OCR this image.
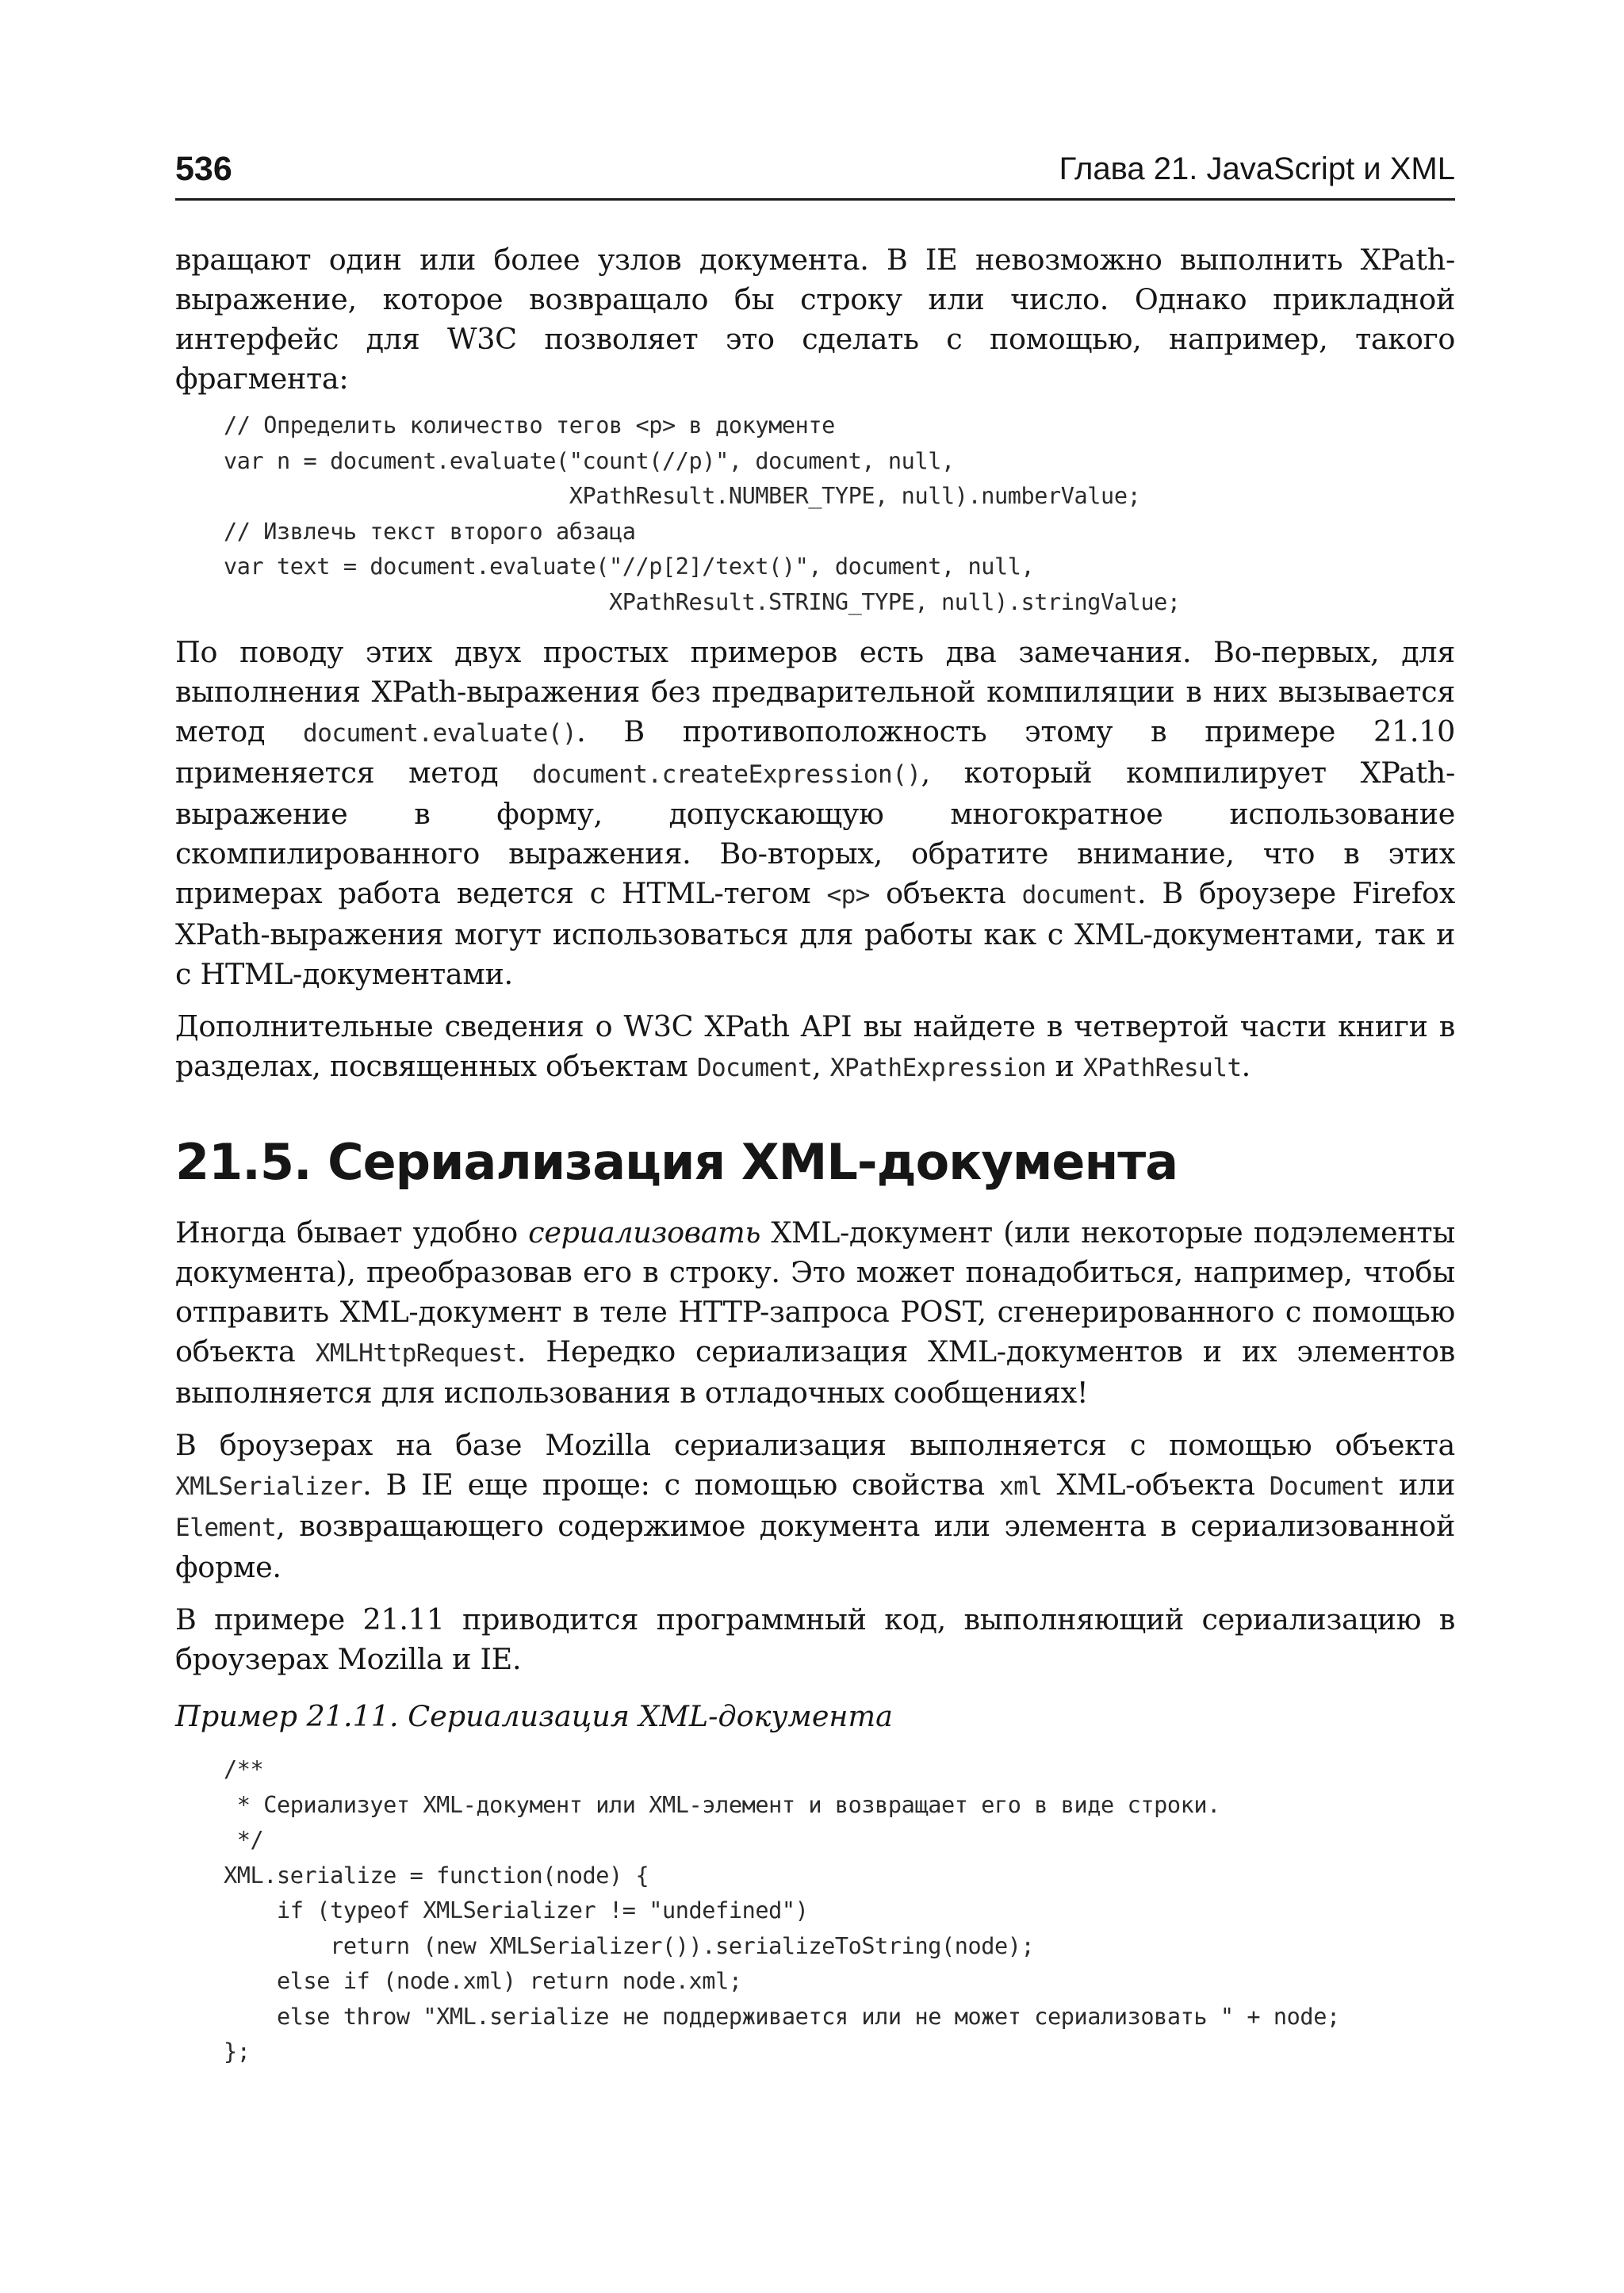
536	Глава 21. JavaScript и XML

вращают один или более узлов документа. В IE невозможно выполнить XPath-выражение, которое возвращало бы строку или число. Однако прикладной интерфейс для W3C позволяет это сделать с помощью, например, такого фрагмента:

// Определить количество тегов <p> в документе
var n = document.evaluate("count(//p)", document, null,
XPathResult.NUMBER_TYPE, null).numberValue;
// Извлечь текст второго абзаца
var text = document.evaluate("//p[2]/text()", document, null,
XPathResult.STRING_TYPE, null).stringValue;

По поводу этих двух простых примеров есть два замечания. Во-первых, для выполнения XPath-выражения без предварительной компиляции в них вызывается метод document.evaluate(). В противоположность этому в примере 21.10 применяется метод document.createExpression(), который компилирует XPath-выражение в форму, допускающую многократное использование скомпилированного выражения. Во-вторых, обратите внимание, что в этих примерах работа ведется с HTML-тегом <p> объекта document. В броузере Firefox XPath-выражения могут использоваться для работы как с XML-документами, так и с HTML-документами.

Дополнительные сведения о W3C XPath API вы найдете в четвертой части книги в разделах, посвященных объектам Document, XPathExpression и XPathResult.

21.5. Сериализация XML-документа

Иногда бывает удобно сериализовать XML-документ (или некоторые подэлементы документа), преобразовав его в строку. Это может понадобиться, например, чтобы отправить XML-документ в теле HTTP-запроса POST, сгенерированного с помощью объекта XMLHttpRequest. Нередко сериализация XML-документов и их элементов выполняется для использования в отладочных сообщениях!

В броузерах на базе Mozilla сериализация выполняется с помощью объекта XMLSerializer. В IE еще проще: с помощью свойства xml XML-объекта Document или Element, возвращающего содержимое документа или элемента в сериализованной форме.

В примере 21.11 приводится программный код, выполняющий сериализацию в броузерах Mozilla и IE.

Пример 21.11. Сериализация XML-документа
/**
* Сериализует XML-документ или XML-элемент и возвращает его в виде строки.
*/
XML.serialize = function(node) {
if (typeof XMLSerializer != "undefined")
return (new XMLSerializer()).serializeToString(node);
else if (node.xml) return node.xml;
else throw "XML.serialize не поддерживается или не может сериализовать " + node;
};
